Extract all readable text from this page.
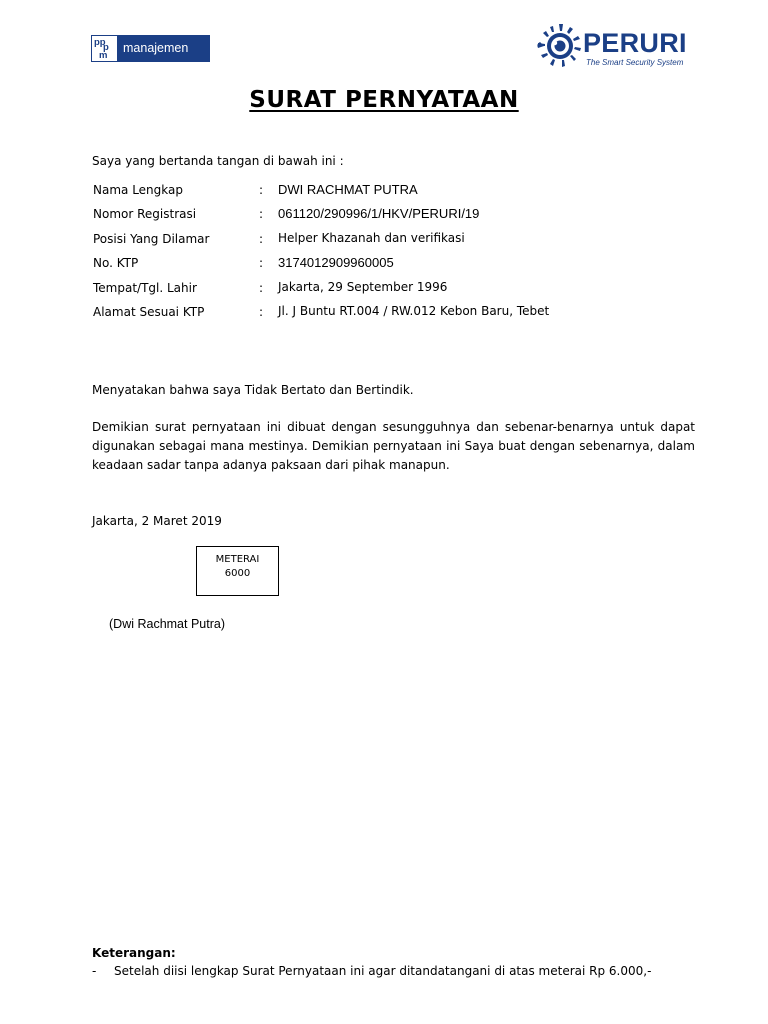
pp
p
m
manajemen	PERURI
The Smart Security System
SURAT PERNYATAAN
Saya yang bertanda tangan di bawah ini :
Nama Lengkap	: DWI RACHMAT PUTRA
Nomor Registrasi	: 061120/290996/1/HKV/PERURI/19
Posisi Yang Dilamar	: Helper Khazanah dan verifikasi
No. KTP	: 3174012909960005
Tempat/Tgl. Lahir	: Jakarta, 29 September 1996
Alamat Sesuai KTP	: Jl. J Buntu RT.004 / RW.012 Kebon Baru, Tebet
Menyatakan bahwa saya Tidak Bertato dan Bertindik.
Demikian surat pernyataan ini dibuat dengan sesungguhnya dan sebenar-benarnya untuk dapat digunakan sebagai mana mestinya. Demikian pernyataan ini Saya buat dengan sebenarnya, dalam keadaan sadar tanpa adanya paksaan dari pihak manapun.
Jakarta, 2 Maret 2019
METERAI
6000
(Dwi Rachmat Putra)
Keterangan:
- Setelah diisi lengkap Surat Pernyataan ini agar ditandatangani di atas meterai Rp 6.000,-
